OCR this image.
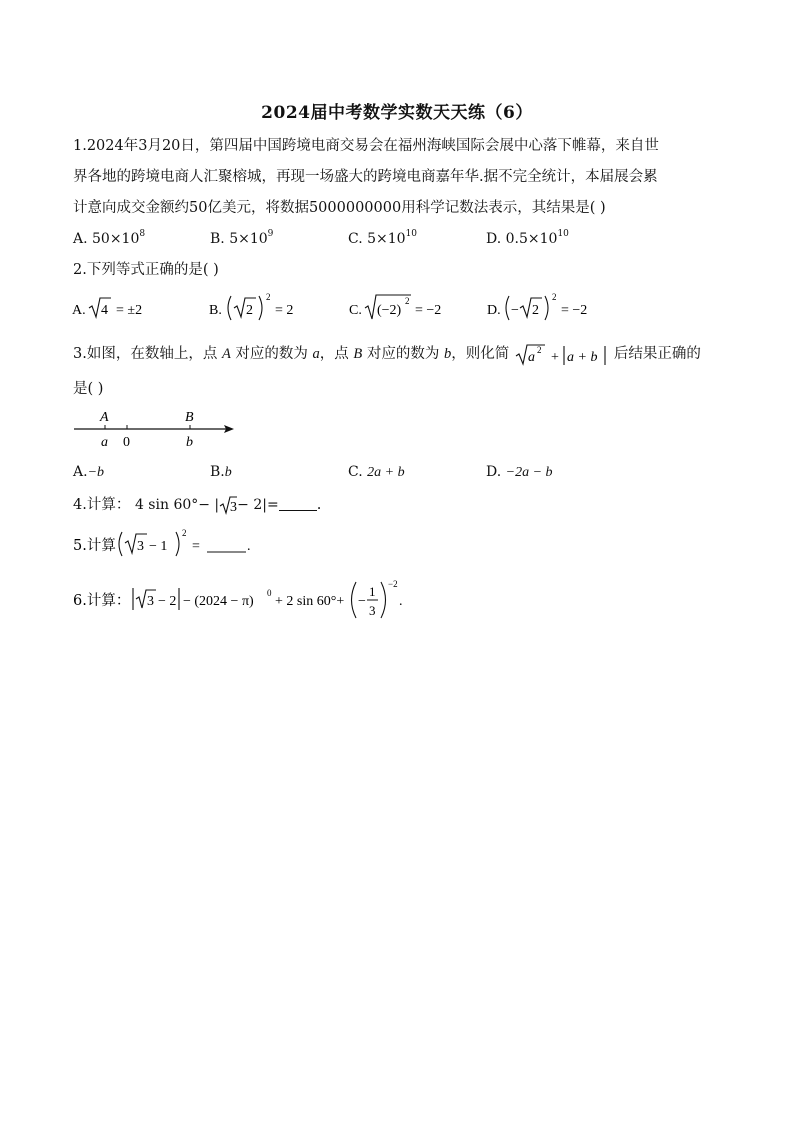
2024届中考数学实数天天练（6）
1.2024年3月20日，第四届中国跨境电商交易会在福州海峡国际会展中心落下帷幕，来自世
界各地的跨境电商人汇聚榕城，再现一场盛大的跨境电商嘉年华.据不完全统计，本届展会累
计意向成交金额约50亿美元，将数据5000000000用科学记数法表示，其结果是( )
A. $50\times 10^8$	B. $5\times 10^9$	C. $5\times 10^{10}$	D. $0.5\times 10^{10}$
2.下列等式正确的是( )
A. 4 = ±2	B. 2
2
= 2	C. (−2)
2
= −2	D. − 2
2
= −2
3.如图，在数轴上，点 A 对应的数为 a，点 B 对应的数为 b，则化简 a 2 + a + b 后结果正确的
是( )
A	B
a 0	b
A.−b	B.b	C. 2a + b	D. −2a − b
4.计算： 4 sin 60°− | 3 − 2|=	.
5.计算 3 − 1
2
=	.
6.计算： 3 − 2 − (2024 − π)
0
+ 2 sin 60°+ −
1
3
−2
.
